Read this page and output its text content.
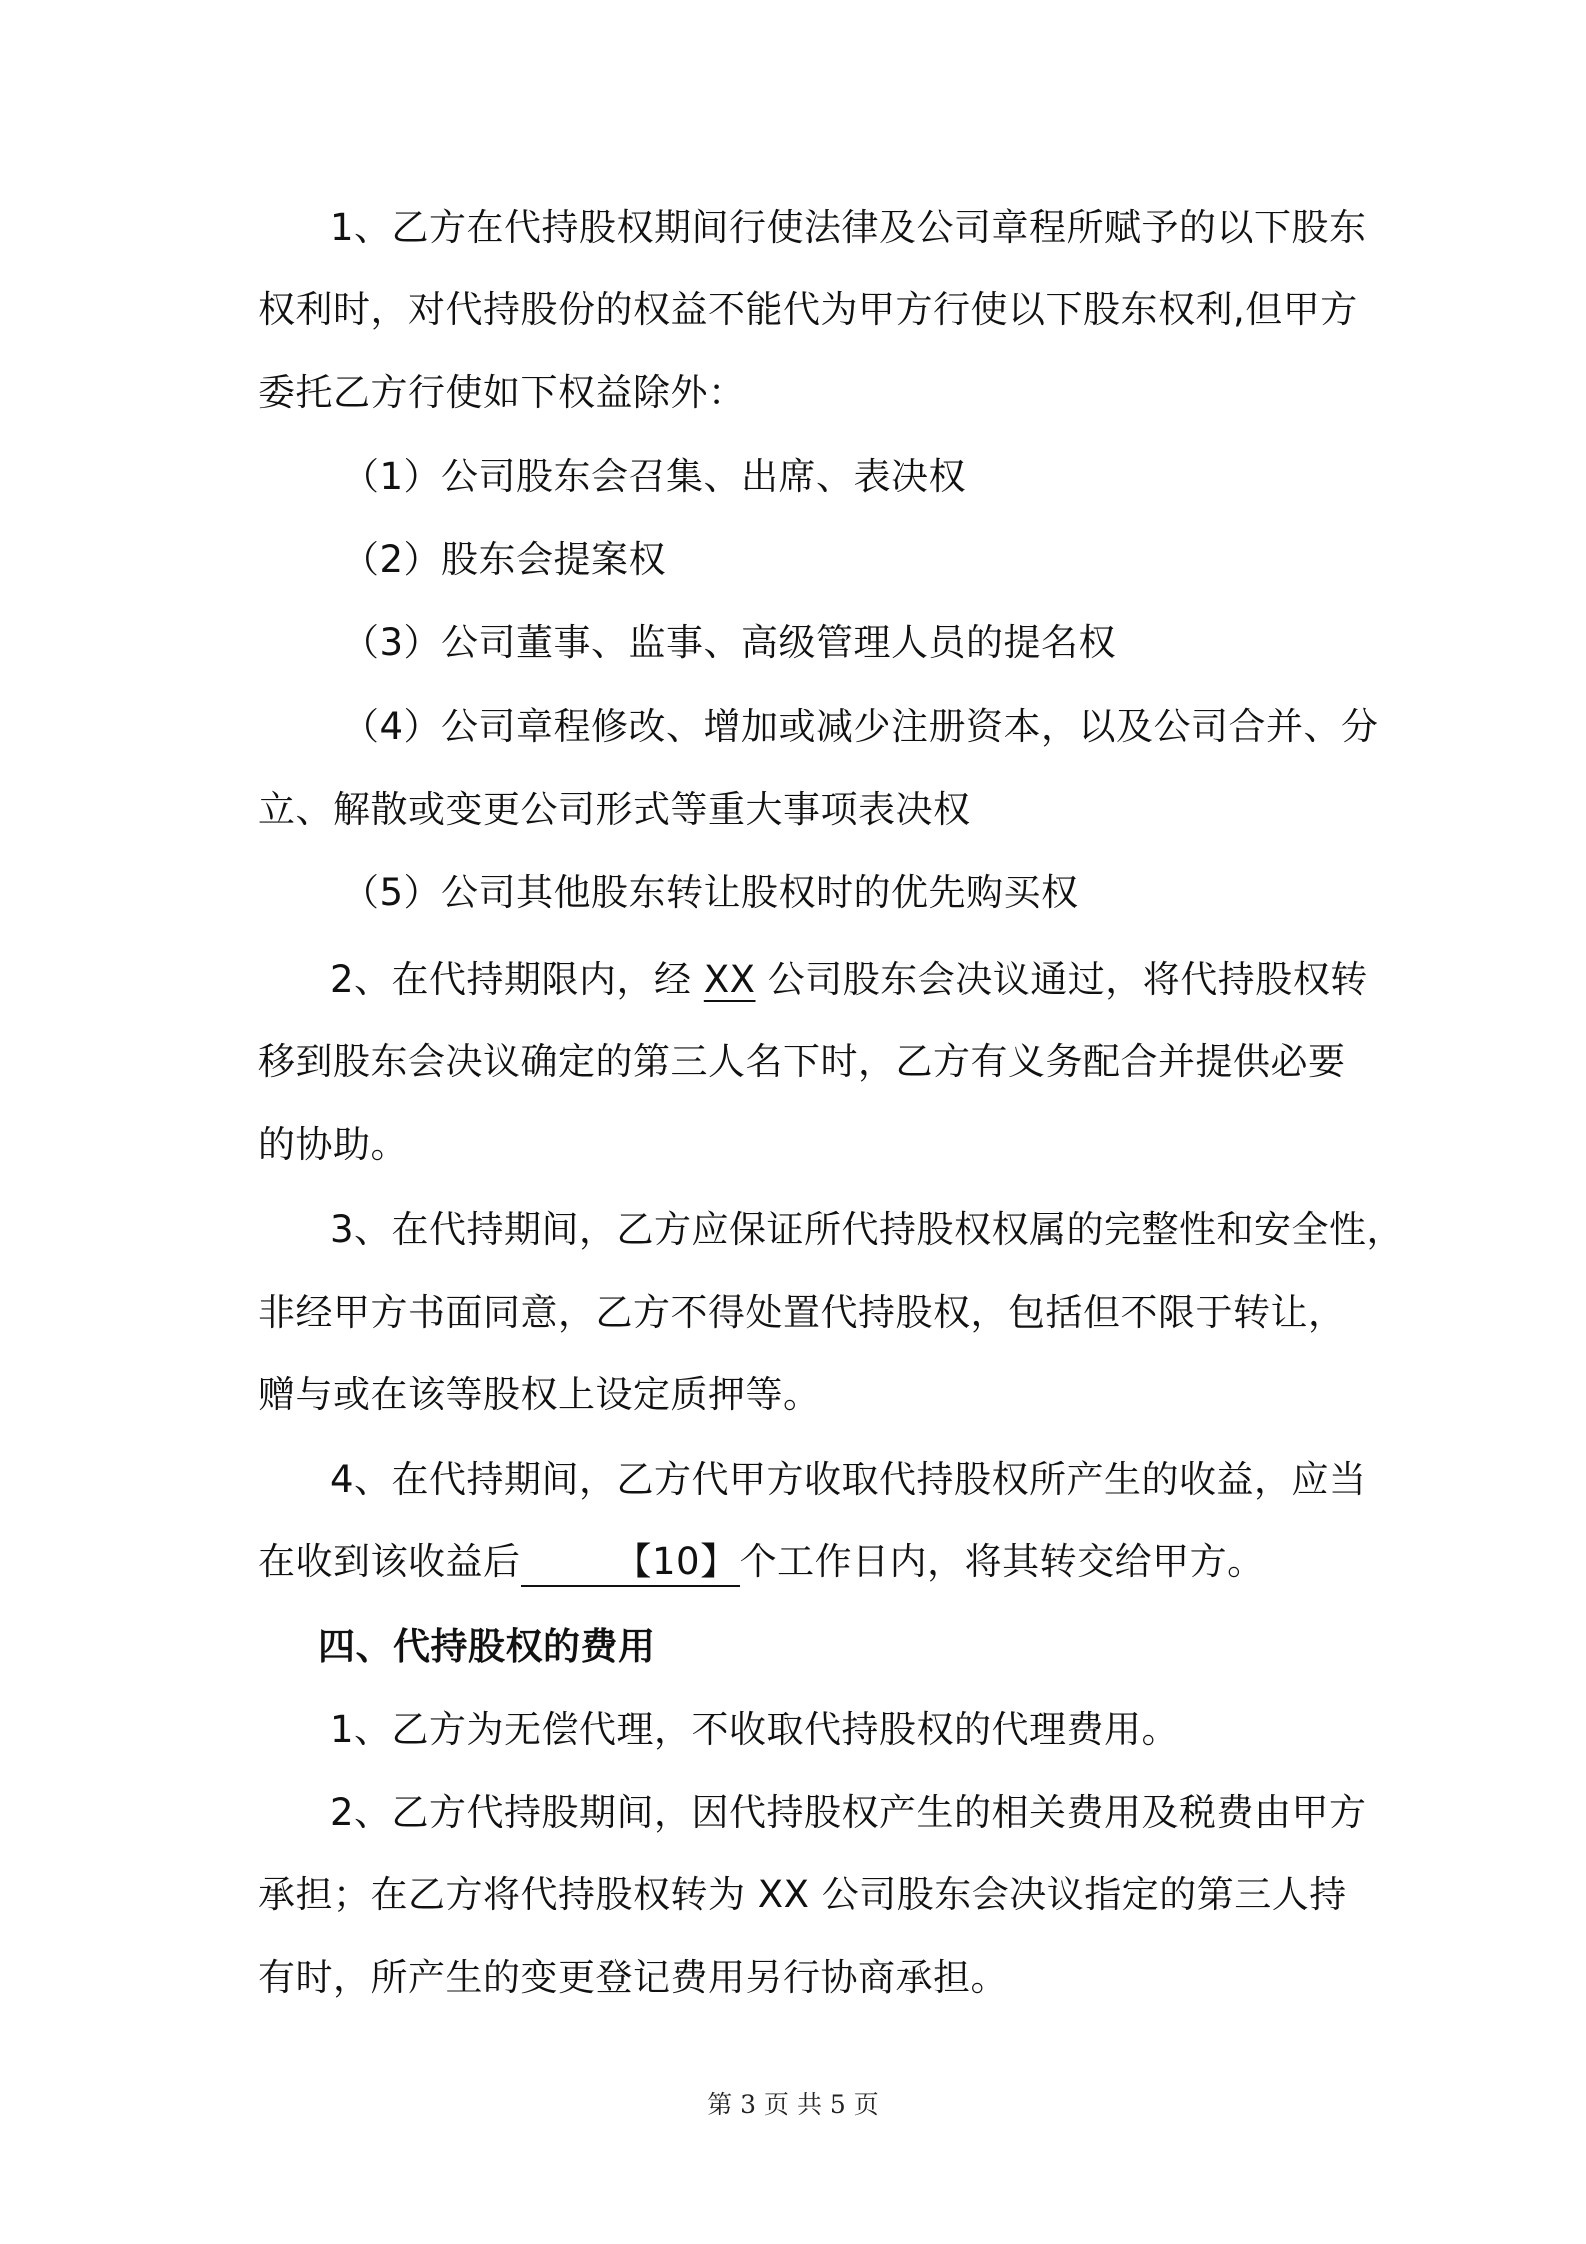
1、乙方在代持股权期间行使法律及公司章程所赋予的以下股东
权利时，对代持股份的权益不能代为甲方行使以下股东权利,但甲方
委托乙方行使如下权益除外：
（1）公司股东会召集、出席、表决权
（2）股东会提案权
（3）公司董事、监事、高级管理人员的提名权
（4）公司章程修改、增加或减少注册资本，以及公司合并、分
立、解散或变更公司形式等重大事项表决权
（5）公司其他股东转让股权时的优先购买权
2、在代持期限内，经 XX 公司股东会决议通过，将代持股权转
移到股东会决议确定的第三人名下时，乙方有义务配合并提供必要
的协助。
3、在代持期间，乙方应保证所代持股权权属的完整性和安全性，
非经甲方书面同意，乙方不得处置代持股权，包括但不限于转让，
赠与或在该等股权上设定质押等。
4、在代持期间，乙方代甲方收取代持股权所产生的收益，应当
在收到该收益后	【10】个工作日内，将其转交给甲方。
四、代持股权的费用
1、乙方为无偿代理，不收取代持股权的代理费用。
2、乙方代持股期间，因代持股权产生的相关费用及税费由甲方
承担；在乙方将代持股权转为 XX 公司股东会决议指定的第三人持
有时，所产生的变更登记费用另行协商承担。
第 3 页 共 5 页
